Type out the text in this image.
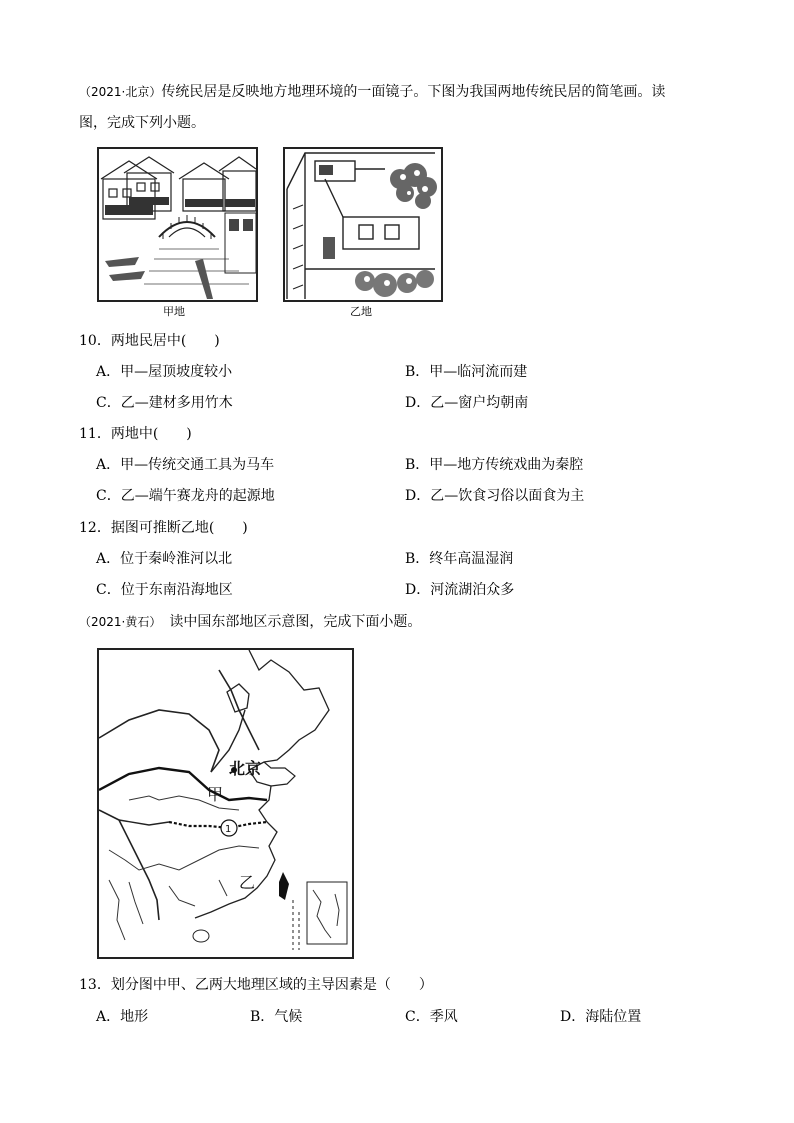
（2021·北京）传统民居是反映地方地理环境的一面镜子。下图为我国两地传统民居的简笔画。读
图，完成下列小题。
甲地	乙地
10．两地民居中(　　)
A．甲—屋顶坡度较小	B．甲—临河流而建
C．乙—建材多用竹木	D．乙—窗户均朝南
11．两地中(　　)
A．甲—传统交通工具为马车	B．甲—地方传统戏曲为秦腔
C．乙—端午赛龙舟的起源地	D．乙—饮食习俗以面食为主
12．据图可推断乙地(　　)
A．位于秦岭淮河以北	B．终年高温湿润
C．位于东南沿海地区	D．河流湖泊众多
（2021·黄石）　 读中国东部地区示意图，完成下面小题。
北京
甲
乙
1
13．划分图中甲、乙两大地理区域的主导因素是（　　）
A．地形	B．气候	C．季风	D．海陆位置
